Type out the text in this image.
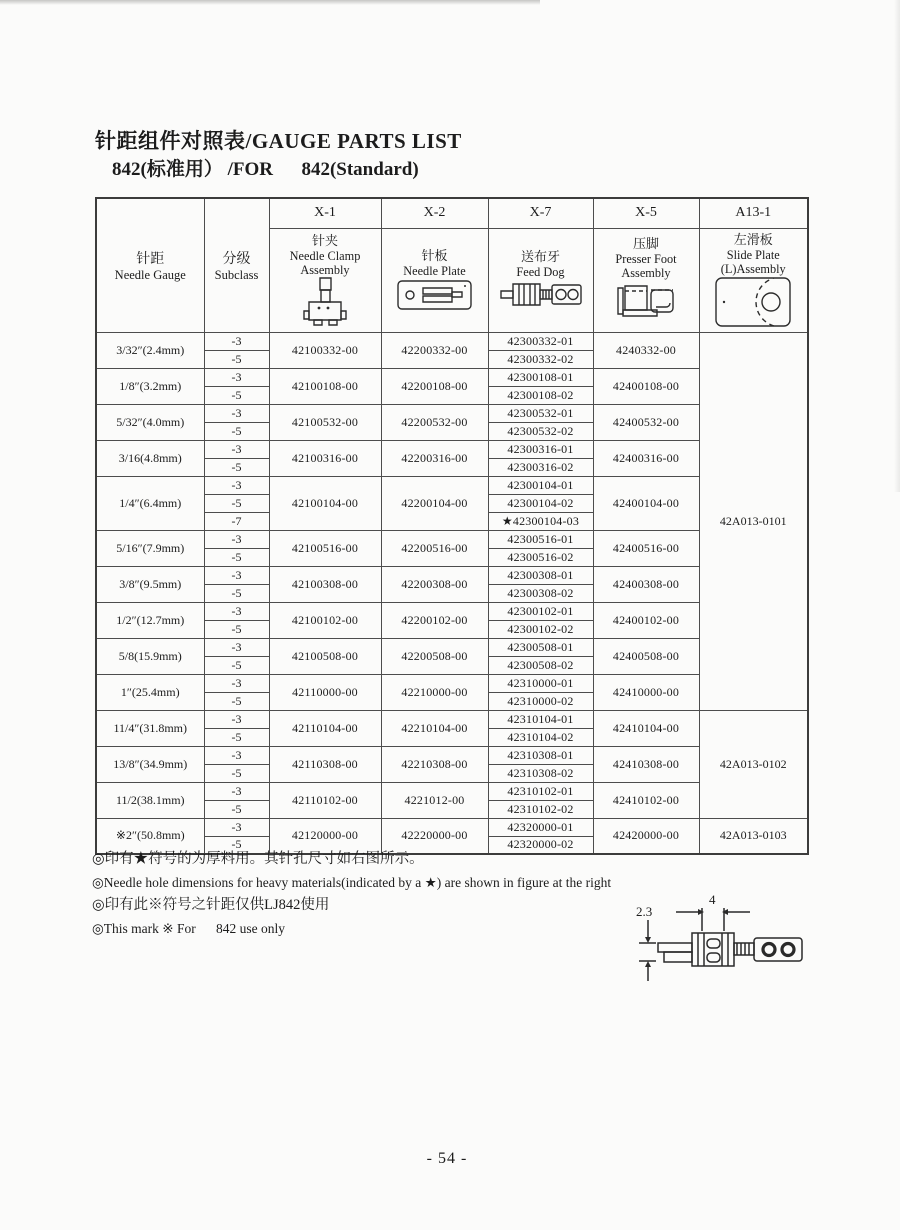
针距组件对照表/GAUGE PARTS LIST
842(标准用） /FOR      842(Standard)
针距
Needle Gauge

分级
Subclass
	X-1	X-2	X-7	X-5	A13-1

针夹
Needle Clamp Assembly

针板
Needle Plate

送布牙
Feed Dog

压脚
Presser Foot Assembly

左滑板
Slide Plate (L)Assembly

3/32″(2.4mm)	-3	42100332-00	42200332-00	42300332-01	4240332-00	42A013-0101
	-5			42300332-02		
1/8″(3.2mm)	-3	42100108-00	42200108-00	42300108-01	42400108-00	
	-5			42300108-02		
5/32″(4.0mm)	-3	42100532-00	42200532-00	42300532-01	42400532-00	
	-5			42300532-02		
3/16(4.8mm)	-3	42100316-00	42200316-00	42300316-01	42400316-00	
	-5			42300316-02		
1/4″(6.4mm)	-3	42100104-00	42200104-00	42300104-01	42400104-00	
	-5			42300104-02		
	-7			★42300104-03		
5/16″(7.9mm)	-3	42100516-00	42200516-00	42300516-01	42400516-00	
	-5			42300516-02		
3/8″(9.5mm)	-3	42100308-00	42200308-00	42300308-01	42400308-00	
	-5			42300308-02		
1/2″(12.7mm)	-3	42100102-00	42200102-00	42300102-01	42400102-00	
	-5			42300102-02		
5/8(15.9mm)	-3	42100508-00	42200508-00	42300508-01	42400508-00	
	-5			42300508-02		
1″(25.4mm)	-3	42110000-00	42210000-00	42310000-01	42410000-00	
	-5			42310000-02		
11/4″(31.8mm)	-3	42110104-00	42210104-00	42310104-01	42410104-00	42A013-0102
	-5			42310104-02		
13/8″(34.9mm)	-3	42110308-00	42210308-00	42310308-01	42410308-00	
	-5			42310308-02		
11/2(38.1mm)	-3	42110102-00	4221012-00	42310102-01	42410102-00	
	-5			42310102-02		
※2″(50.8mm)	-3	42120000-00	42220000-00	42320000-01	42420000-00	42A013-0103
	-5			42320000-02		
◎印有★符号的为厚料用。其针孔尺寸如右图所示。
◎Needle hole dimensions for heavy materials(indicated by a ★) are shown in figure at the right
◎印有此※符号之针距仅供LJ842使用
◎This mark ※ For      842 use only
2.3
4
- 54 -
